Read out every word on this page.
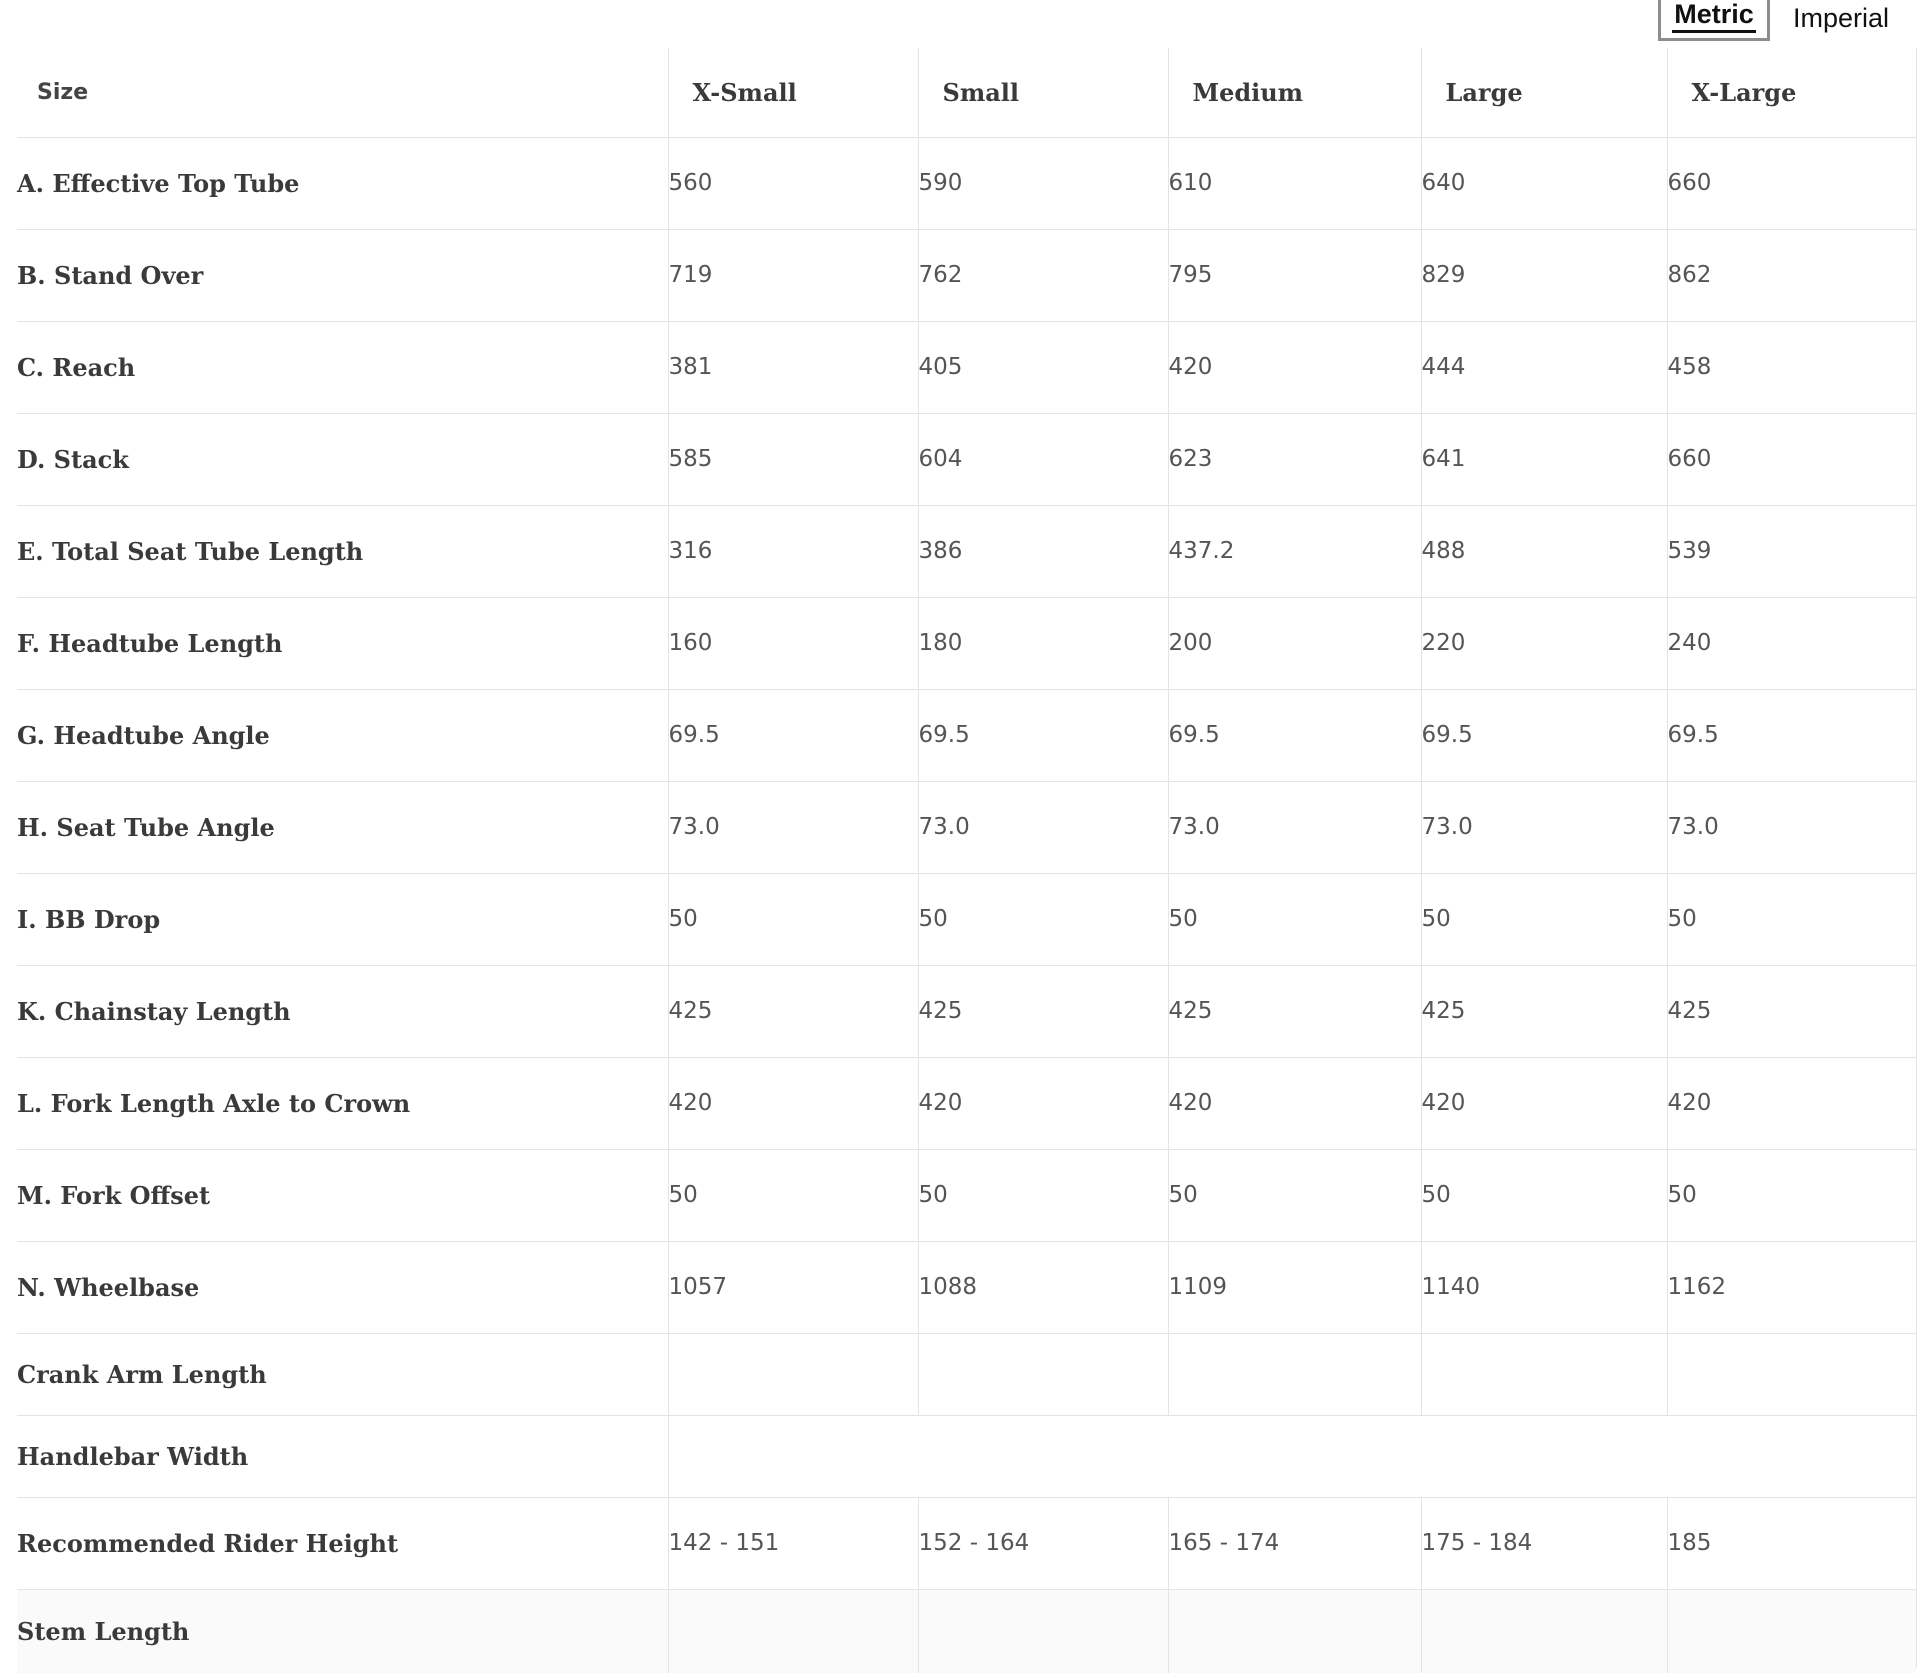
Metric Imperial
Size	X-Small	Small	Medium	Large	X-Large
A. Effective Top Tube	560	590	610	640	660
B. Stand Over	719	762	795	829	862
C. Reach	381	405	420	444	458
D. Stack	585	604	623	641	660
E. Total Seat Tube Length	316	386	437.2	488	539
F. Headtube Length	160	180	200	220	240
G. Headtube Angle	69.5	69.5	69.5	69.5	69.5
H. Seat Tube Angle	73.0	73.0	73.0	73.0	73.0
I. BB Drop	50	50	50	50	50
K. Chainstay Length	425	425	425	425	425
L. Fork Length Axle to Crown	420	420	420	420	420
M. Fork Offset	50	50	50	50	50
N. Wheelbase	1057	1088	1109	1140	1162
Crank Arm Length					
Handlebar Width					
Recommended Rider Height	142 - 151	152 - 164	165 - 174	175 - 184	185
Stem Length					
